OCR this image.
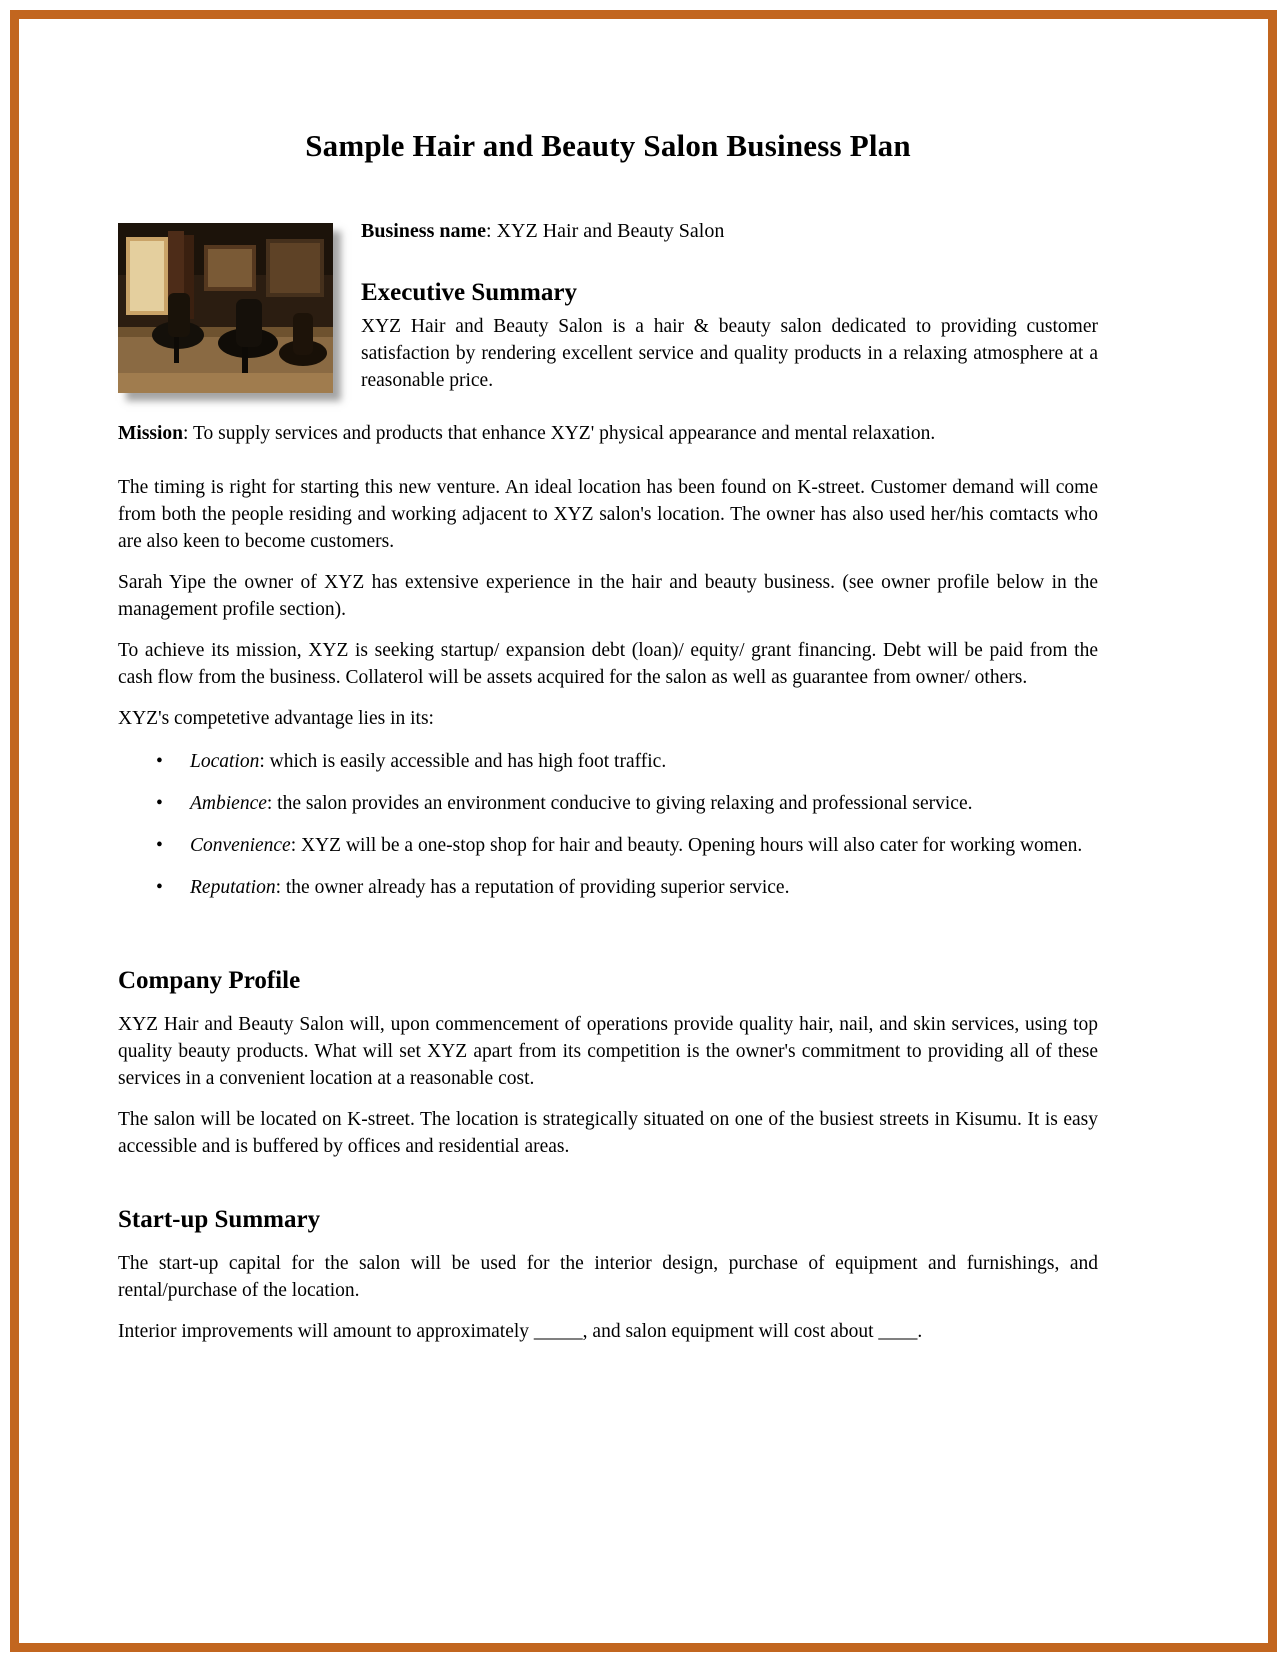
Sample Hair and Beauty Salon Business Plan

Business name: XYZ Hair and Beauty Salon

Executive Summary

XYZ Hair and Beauty Salon is a hair & beauty salon dedicated to providing customer satisfaction by rendering excellent service and quality products in a relaxing atmosphere at a reasonable price.

Mission: To supply services and products that enhance XYZ' physical appearance and mental relaxation.

The timing is right for starting this new venture. An ideal location has been found on K-street. Customer demand will come from both the people residing and working adjacent to XYZ salon's location. The owner has also used her/his comtacts who are also keen to become customers.

Sarah Yipe the owner of XYZ has extensive experience in the hair and beauty business. (see owner profile below in the management profile section).

To achieve its mission, XYZ is seeking startup/ expansion debt (loan)/ equity/ grant financing. Debt will be paid from the cash flow from the business. Collaterol will be assets acquired for the salon as well as guarantee from owner/ others.

XYZ's competetive advantage lies in its:

• Location: which is easily accessible and has high foot traffic.
• Ambience: the salon provides an environment conducive to giving relaxing and professional service.
• Convenience: XYZ will be a one-stop shop for hair and beauty. Opening hours will also cater for working women.
• Reputation: the owner already has a reputation of providing superior service.
Company Profile

XYZ Hair and Beauty Salon will, upon commencement of operations provide quality hair, nail, and skin services, using top quality beauty products. What will set XYZ apart from its competition is the owner's commitment to providing all of these services in a convenient location at a reasonable cost.

The salon will be located on K-street. The location is strategically situated on one of the busiest streets in Kisumu. It is easy accessible and is buffered by offices and residential areas.

Start-up Summary

The start-up capital for the salon will be used for the interior design, purchase of equipment and furnishings, and rental/purchase of the location.

Interior improvements will amount to approximately _____, and salon equipment will cost about ____.
